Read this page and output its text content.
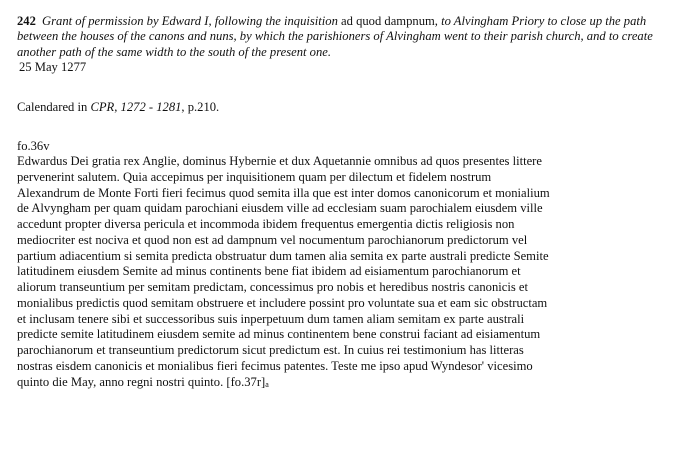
242 Grant of permission by Edward I, following the inquisition ad quod dampnum, to Alvingham Priory to close up the path between the houses of the canons and nuns, by which the parishioners of Alvingham went to their parish church, and to create another path of the same width to the south of the present one.

25 May 1277

Calendared in CPR, 1272 - 1281, p.210.

fo.36v

Edwardus Dei gratia rex Anglie, dominus Hybernie et dux Aquetannie omnibus ad quos presentes littere
pervenerint salutem. Quia accepimus per inquisitionem quam per dilectum et fidelem nostrum
Alexandrum de Monte Forti fieri fecimus quod semita illa que est inter domos canonicorum et monialium
de Alvyngham per quam quidam parochiani eiusdem ville ad ecclesiam suam parochialem eiusdem ville
accedunt propter diversa pericula et incommoda ibidem frequentus emergentia dictis religiosis non
mediocriter est nociva et quod non est ad dampnum vel nocumentum parochianorum predictorum vel
partium adiacentium si semita predicta obstruatur dum tamen alia semita ex parte australi predicte Semite
latitudinem eiusdem Semite ad minus continents bene fiat ibidem ad eisiamentum parochianorum et
aliorum transeuntium per semitam predictam, concessimus pro nobis et heredibus nostris canonicis et
monialibus predictis quod semitam obstruere et includere possint pro voluntate sua et eam sic obstructam
et inclusam tenere sibi et successoribus suis inperpetuum dum tamen aliam semitam ex parte australi
predicte semite latitudinem eiusdem semite ad minus continentem bene construi faciant ad eisiamentum
parochianorum et transeuntium predictorum sicut predictum est. In cuius rei testimonium has litteras
nostras eisdem canonicis et monialibus fieri fecimus patentes. Teste me ipso apud Wyndesor' vicesimo
quinto die May, anno regni nostri quinto. [fo.37r]a
